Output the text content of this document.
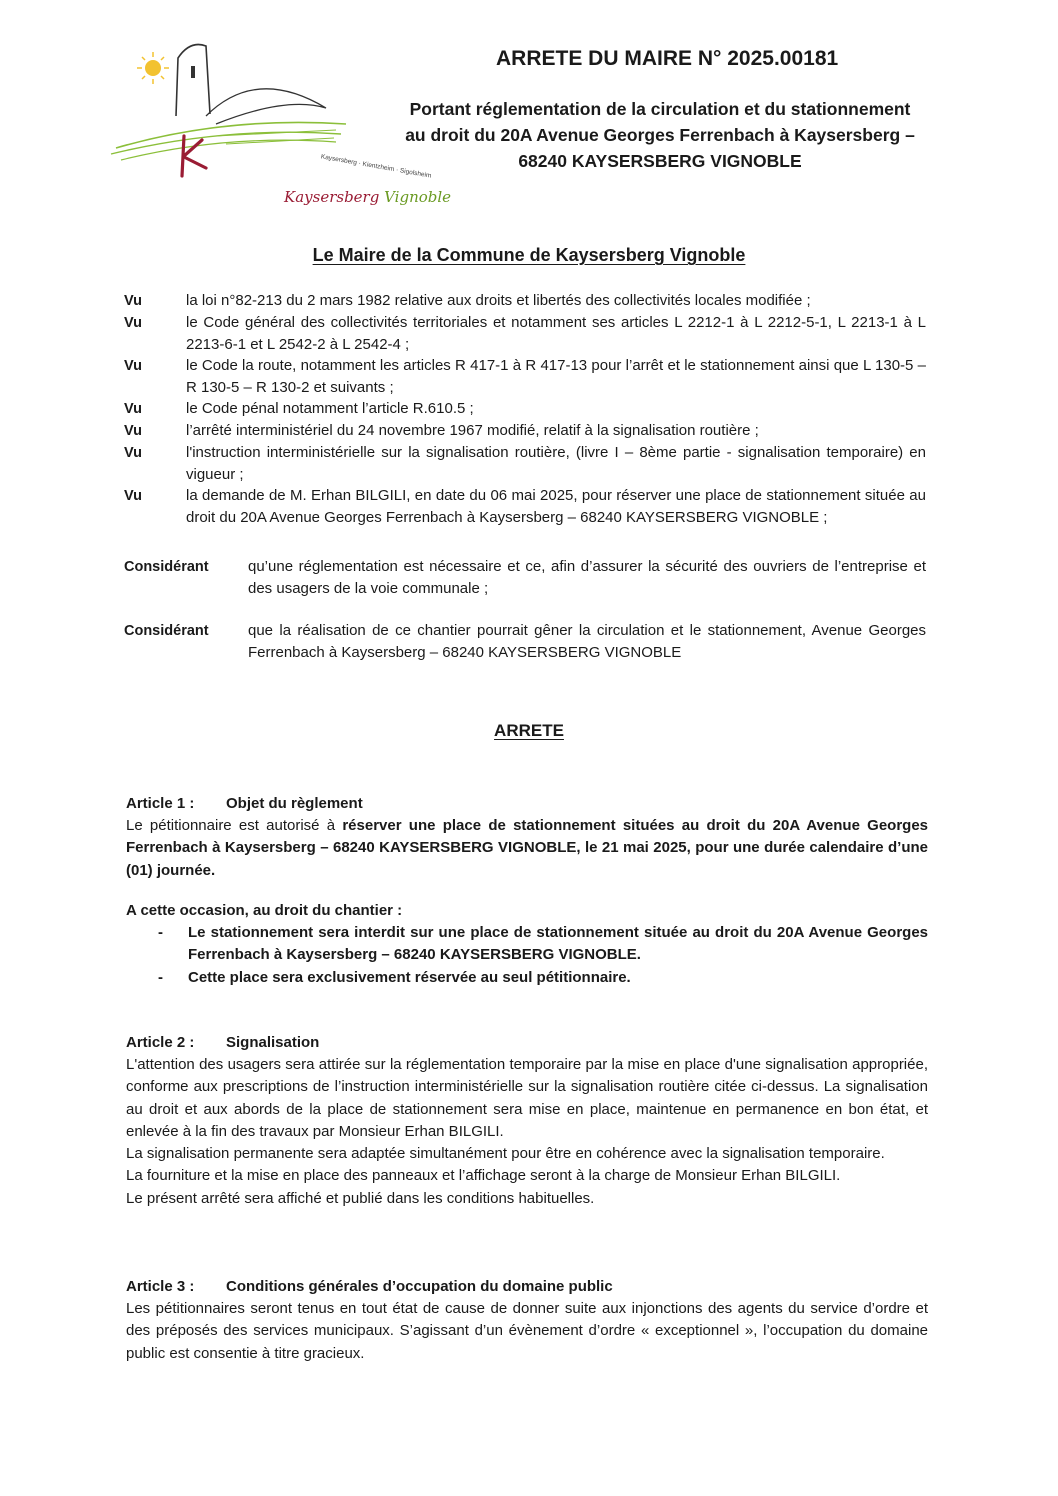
Kaysersberg · Kientzheim · Sigolsheim
Kaysersberg Vignoble
ARRETE DU MAIRE N° 2025.00181
Portant réglementation de la circulation et du stationnement
au droit du 20A Avenue Georges Ferrenbach à Kaysersberg –
68240 KAYSERSBERG VIGNOBLE
Le Maire de la Commune de Kaysersberg Vignoble
Vu	la loi n°82-213 du 2 mars 1982 relative aux droits et libertés des collectivités locales modifiée ;
Vu	le Code général des collectivités territoriales et notamment ses articles L 2212-1 à L 2212-5-1, L 2213-1 à L 2213-6-1 et L 2542-2 à L 2542-4 ;
Vu	le Code la route, notamment les articles R 417-1 à R 417-13 pour l’arrêt et le stationnement ainsi que L 130-5 – R 130-5 – R 130-2 et suivants ;
Vu	le Code pénal notamment l’article R.610.5 ;
Vu	l’arrêté interministériel du 24 novembre 1967 modifié, relatif à la signalisation routière ;
Vu	l'instruction interministérielle sur la signalisation routière, (livre I – 8ème partie - signalisation temporaire) en vigueur ;
Vu	la demande de M. Erhan BILGILI, en date du 06 mai 2025, pour réserver une place de stationnement située au droit du 20A Avenue Georges Ferrenbach à Kaysersberg – 68240 KAYSERSBERG VIGNOBLE ;
Considérant	qu’une réglementation est nécessaire et ce, afin d’assurer la sécurité des ouvriers de l’entreprise et des usagers de la voie communale ;
Considérant	que la réalisation de ce chantier pourrait gêner la circulation et le stationnement, Avenue Georges Ferrenbach à Kaysersberg – 68240 KAYSERSBERG VIGNOBLE
ARRETE
Article 1 :	Objet du règlement
Le pétitionnaire est autorisé à réserver une place de stationnement situées au droit du 20A Avenue Georges Ferrenbach à Kaysersberg – 68240 KAYSERSBERG VIGNOBLE, le 21 mai 2025, pour une durée calendaire d’une (01) journée.
A cette occasion, au droit du chantier :
-	Le stationnement sera interdit sur une place de stationnement située au droit du 20A Avenue Georges Ferrenbach à Kaysersberg – 68240 KAYSERSBERG VIGNOBLE.
-	Cette place sera exclusivement réservée au seul pétitionnaire.
Article 2 :	Signalisation
L'attention des usagers sera attirée sur la réglementation temporaire par la mise en place d'une signalisation appropriée, conforme aux prescriptions de l’instruction interministérielle sur la signalisation routière citée ci-dessus. La signalisation au droit et aux abords de la place de stationnement sera mise en place, maintenue en permanence en bon état, et enlevée à la fin des travaux par Monsieur Erhan BILGILI.
La signalisation permanente sera adaptée simultanément pour être en cohérence avec la signalisation temporaire.
La fourniture et la mise en place des panneaux et l’affichage seront à la charge de Monsieur Erhan BILGILI.
Le présent arrêté sera affiché et publié dans les conditions habituelles.
Article 3 :	Conditions générales d’occupation du domaine public
Les pétitionnaires seront tenus en tout état de cause de donner suite aux injonctions des agents du service d’ordre et des préposés des services municipaux. S’agissant d’un évènement d’ordre « exceptionnel », l’occupation du domaine public est consentie à titre gracieux.
